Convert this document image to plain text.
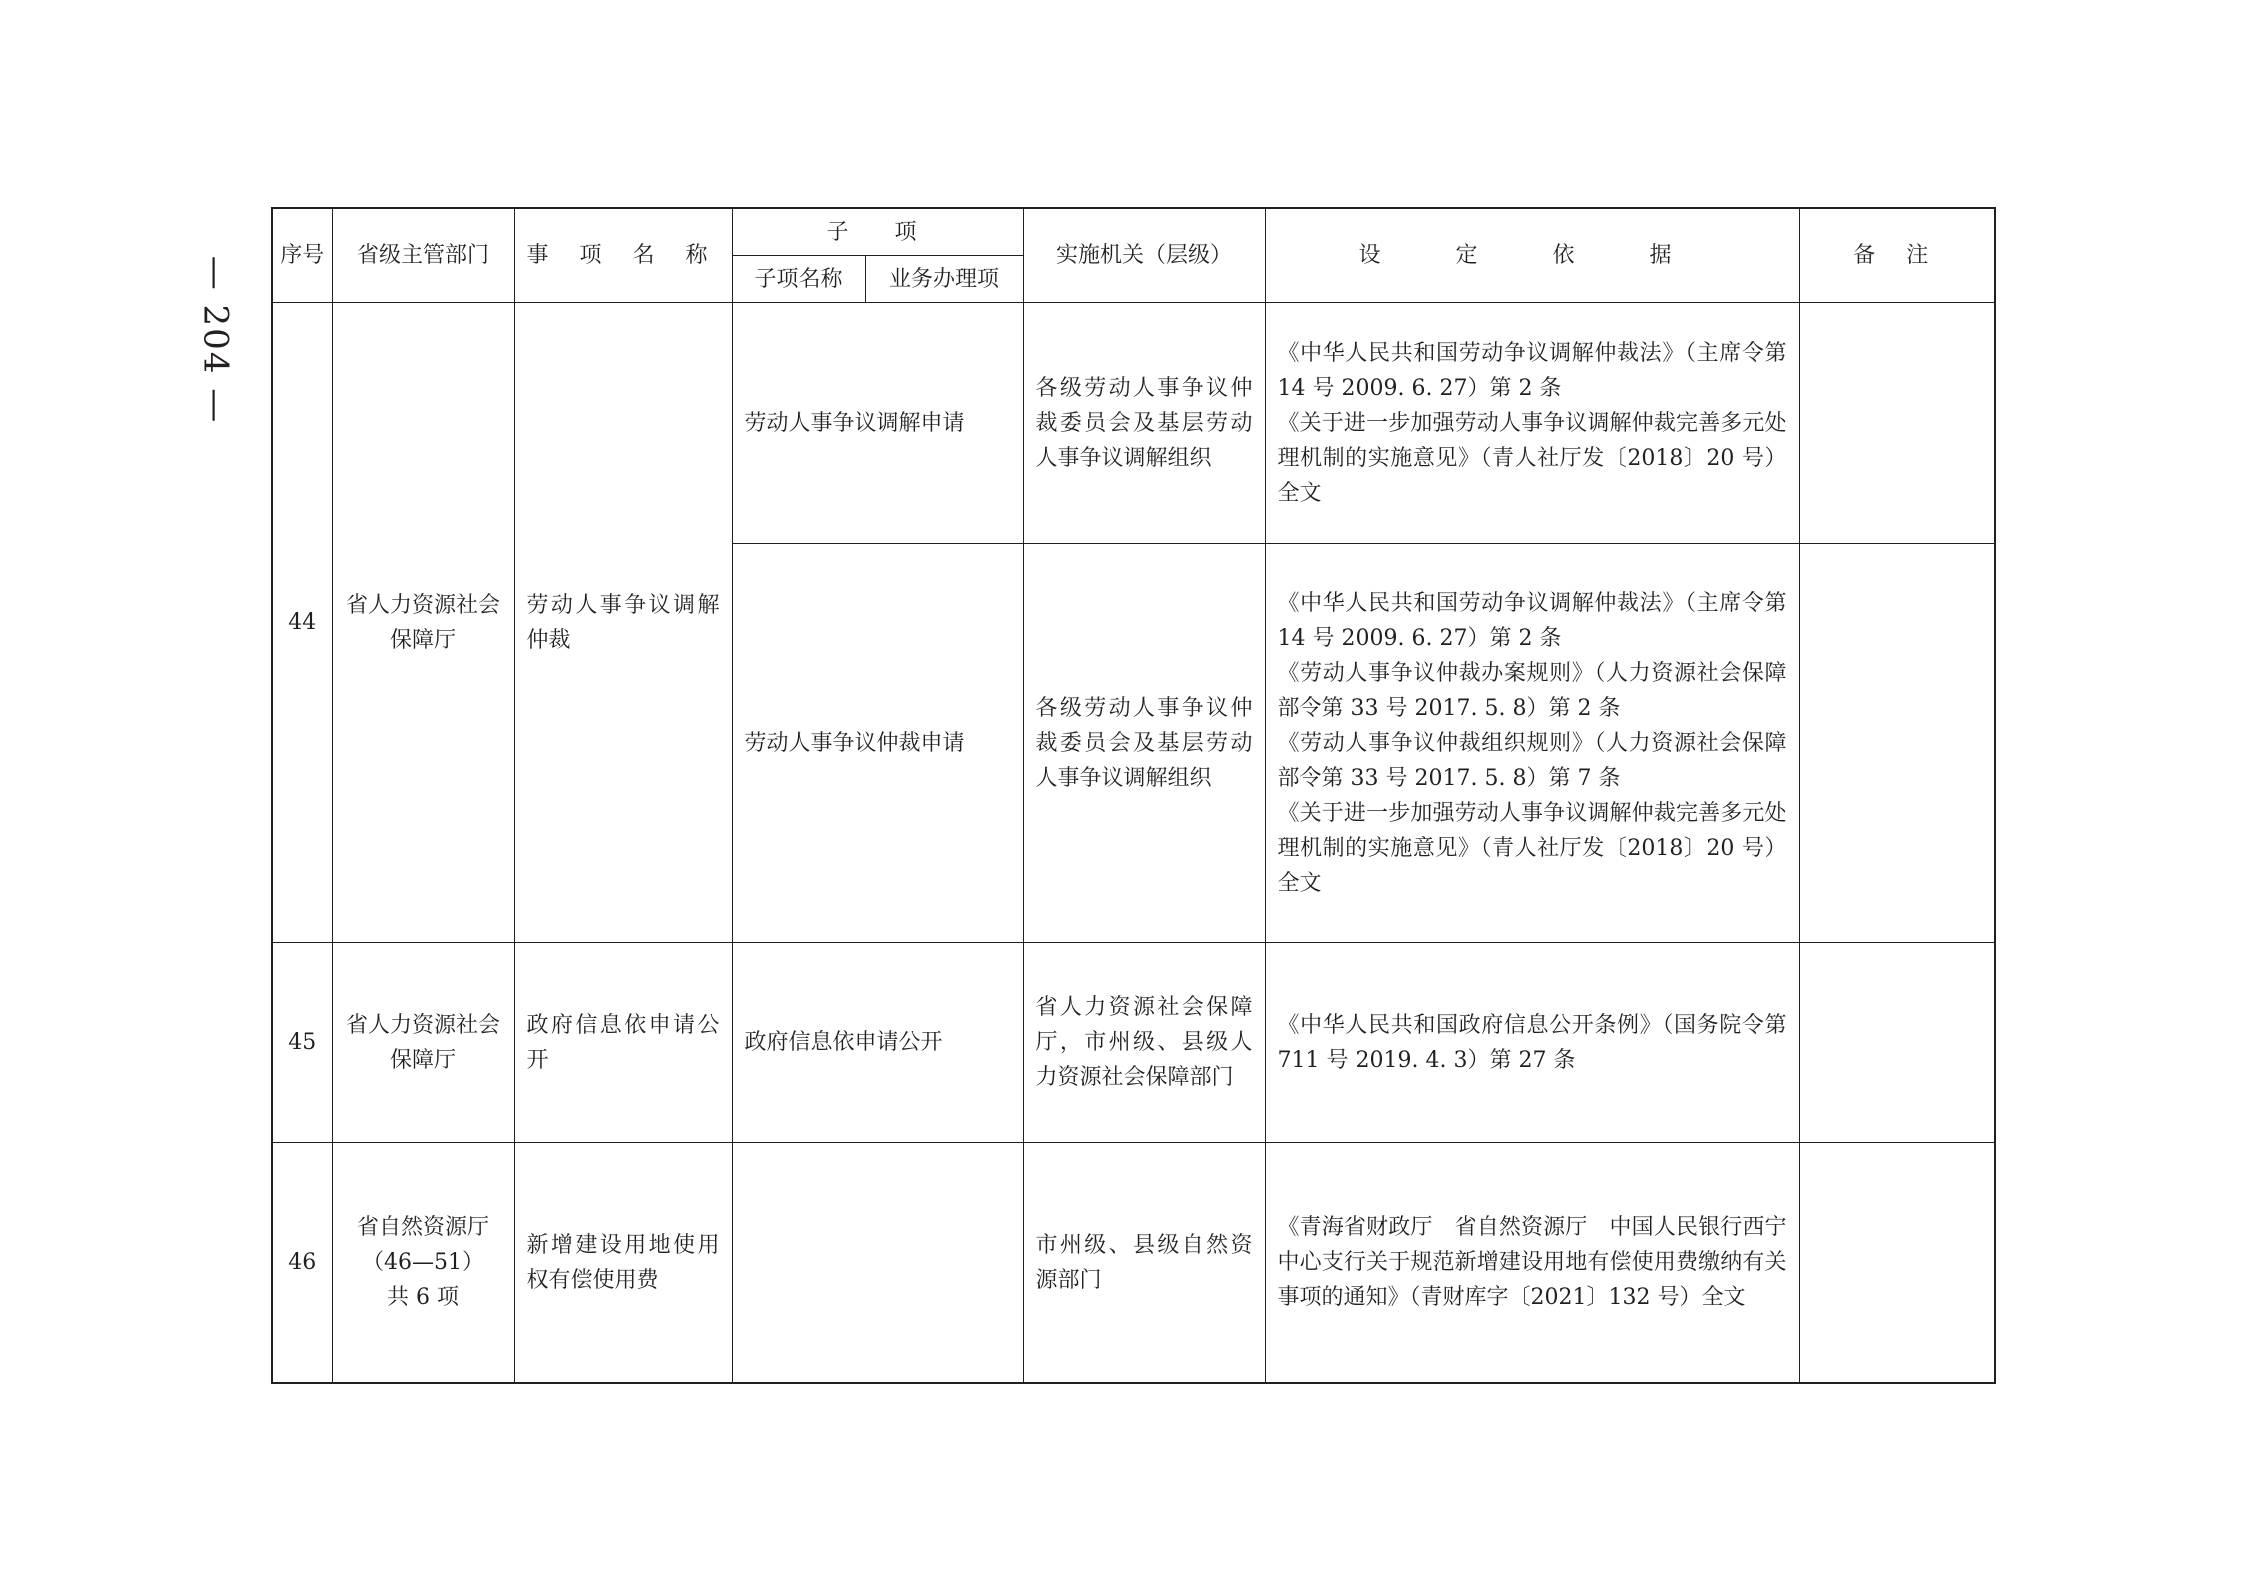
— 204 —
序号	省级主管部门	事 项 名 称	子　项		实施机关（层级）	设 定 依 据	备 注
			子项名称	业务办理项			
44	省人力资源社会保障厅	劳动人事争议调解仲裁	劳动人事争议调解申请		各级劳动人事争议仲裁委员会及基层劳动人事争议调解组织	《中华人民共和国劳动争议调解仲裁法》（主席令第 14 号 2009. 6. 27）第 2 条

《关于进一步加强劳动人事争议调解仲裁完善多元处理机制的实施意见》（青人社厅发〔2018〕20 号）全文	

			劳动人事争议仲裁申请		各级劳动人事争议仲裁委员会及基层劳动人事争议调解组织	《中华人民共和国劳动争议调解仲裁法》（主席令第 14 号 2009. 6. 27）第 2 条

《劳动人事争议仲裁办案规则》（人力资源社会保障部令第 33 号 2017. 5. 8）第 2 条

《劳动人事争议仲裁组织规则》（人力资源社会保障部令第 33 号 2017. 5. 8）第 7 条

《关于进一步加强劳动人事争议调解仲裁完善多元处理机制的实施意见》（青人社厅发〔2018〕20 号）全文	

45	省人力资源社会保障厅	政府信息依申请公开	政府信息依申请公开		省人力资源社会保障厅，市州级、县级人力资源社会保障部门	《中华人民共和国政府信息公开条例》（国务院令第 711 号 2019. 4. 3）第 27 条	

46	省自然资源厅
（46—51）
共 6 项	新增建设用地使用权有偿使用费			市州级、县级自然资源部门	《青海省财政厅　省自然资源厅　中国人民银行西宁中心支行关于规范新增建设用地有偿使用费缴纳有关事项的通知》（青财库字〔2021〕132 号）全文	
